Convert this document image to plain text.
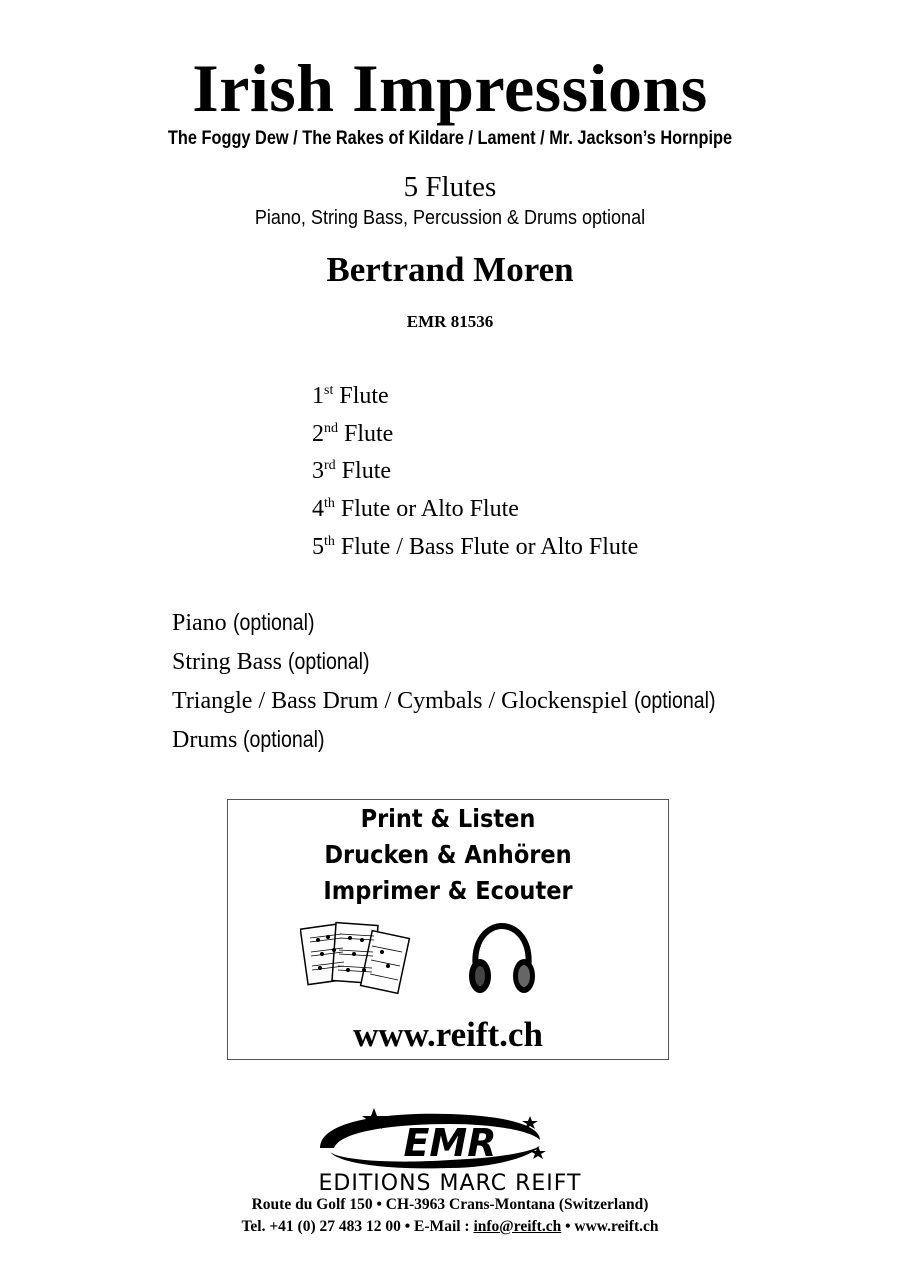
Irish Impressions
The Foggy Dew / The Rakes of Kildare / Lament / Mr. Jackson’s Hornpipe
5 Flutes
Piano, String Bass, Percussion & Drums optional
Bertrand Moren
EMR 81536
1st Flute
2nd Flute
3rd Flute
4th Flute or Alto Flute
5th Flute / Bass Flute or Alto Flute
Piano (optional)
String Bass (optional)
Triangle / Bass Drum / Cymbals / Glockenspiel (optional)
Drums (optional)
Print & Listen
Drucken & Anhören
Imprimer & Ecouter
www.reift.ch
EMR
EDITIONS MARC REIFT
Route du Golf 150 • CH-3963 Crans-Montana (Switzerland)
Tel. +41 (0) 27 483 12 00 • E-Mail : info@reift.ch • www.reift.ch
